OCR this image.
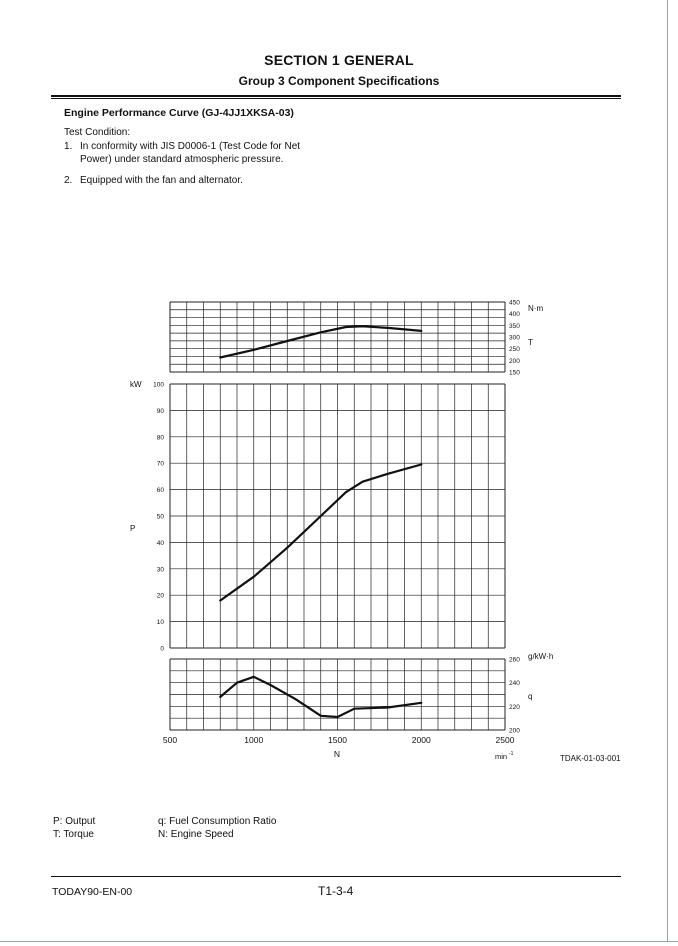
SECTION 1 GENERAL
Group 3 Component Specifications
Engine Performance Curve (GJ-4JJ1XKSA-03)
Test Condition:
1. In conformity with JIS D0006-1 (Test Code for Net
Power) under standard atmospheric pressure.
2. Equipped with the fan and alternator.
150
200
250
300
350
400
450
0
10
20
30
40
50
60
70
80
90
100
200
220
240
260
N·m
T
kW
P
g/kW·h
q
500	1000	1500	2000	2500
N	min -1	TDAK-01-03-001
P: Output
T: Torque
q: Fuel Consumption Ratio
N: Engine Speed
TODAY90-EN-00	T1-3-4
